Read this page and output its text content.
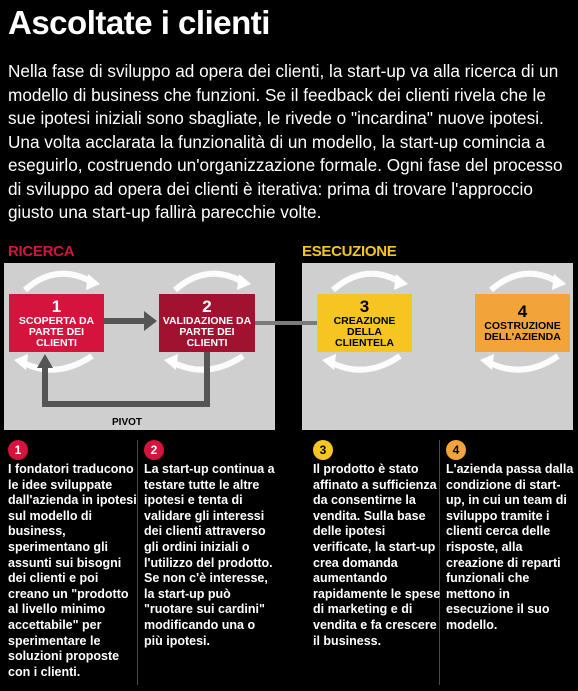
Ascoltate i clienti
Nella fase di sviluppo ad opera dei clienti, la start-up va alla ricerca di un modello di business che funzioni. Se il feedback dei clienti rivela che le sue ipotesi iniziali sono sbagliate, le rivede o "incardina" nuove ipotesi. Una volta acclarata la funzionalità di un modello, la start-up comincia a eseguirlo, costruendo un'organizzazione formale. Ogni fase del processo di sviluppo ad opera dei clienti è iterativa: prima di trovare l'approccio giusto una start-up fallirà parecchie volte.
RICERCA	ESECUZIONE
PIVOT
1
SCOPERTA DA PARTE DEI CLIENTI
2
VALIDAZIONE DA PARTE DEI CLIENTI
3
CREAZIONE DELLA CLIENTELA
4
COSTRUZIONE DELL'AZIENDA
1	2	3	4
I fondatori traducono le idee sviluppate dall'azienda in ipotesi sul modello di business, sperimentano gli assunti sui bisogni dei clienti e poi creano un "prodotto al livello minimo accettabile" per sperimentare le soluzioni proposte con i clienti.
La start-up continua a testare tutte le altre ipotesi e tenta di validare gli interessi dei clienti attraverso gli ordini iniziali o l'utilizzo del prodotto. Se non c'è interesse, la start-up può "ruotare sui cardini" modificando una o più ipotesi.
Il prodotto è stato affinato a sufficienza da consentirne la vendita. Sulla base delle ipotesi verificate, la start-up crea domanda aumentando rapidamente le spese di marketing e di vendita e fa crescere il business.
L'azienda passa dalla condizione di start-up, in cui un team di sviluppo tramite i clienti cerca delle risposte, alla creazione di reparti funzionali che mettono in esecuzione il suo modello.
